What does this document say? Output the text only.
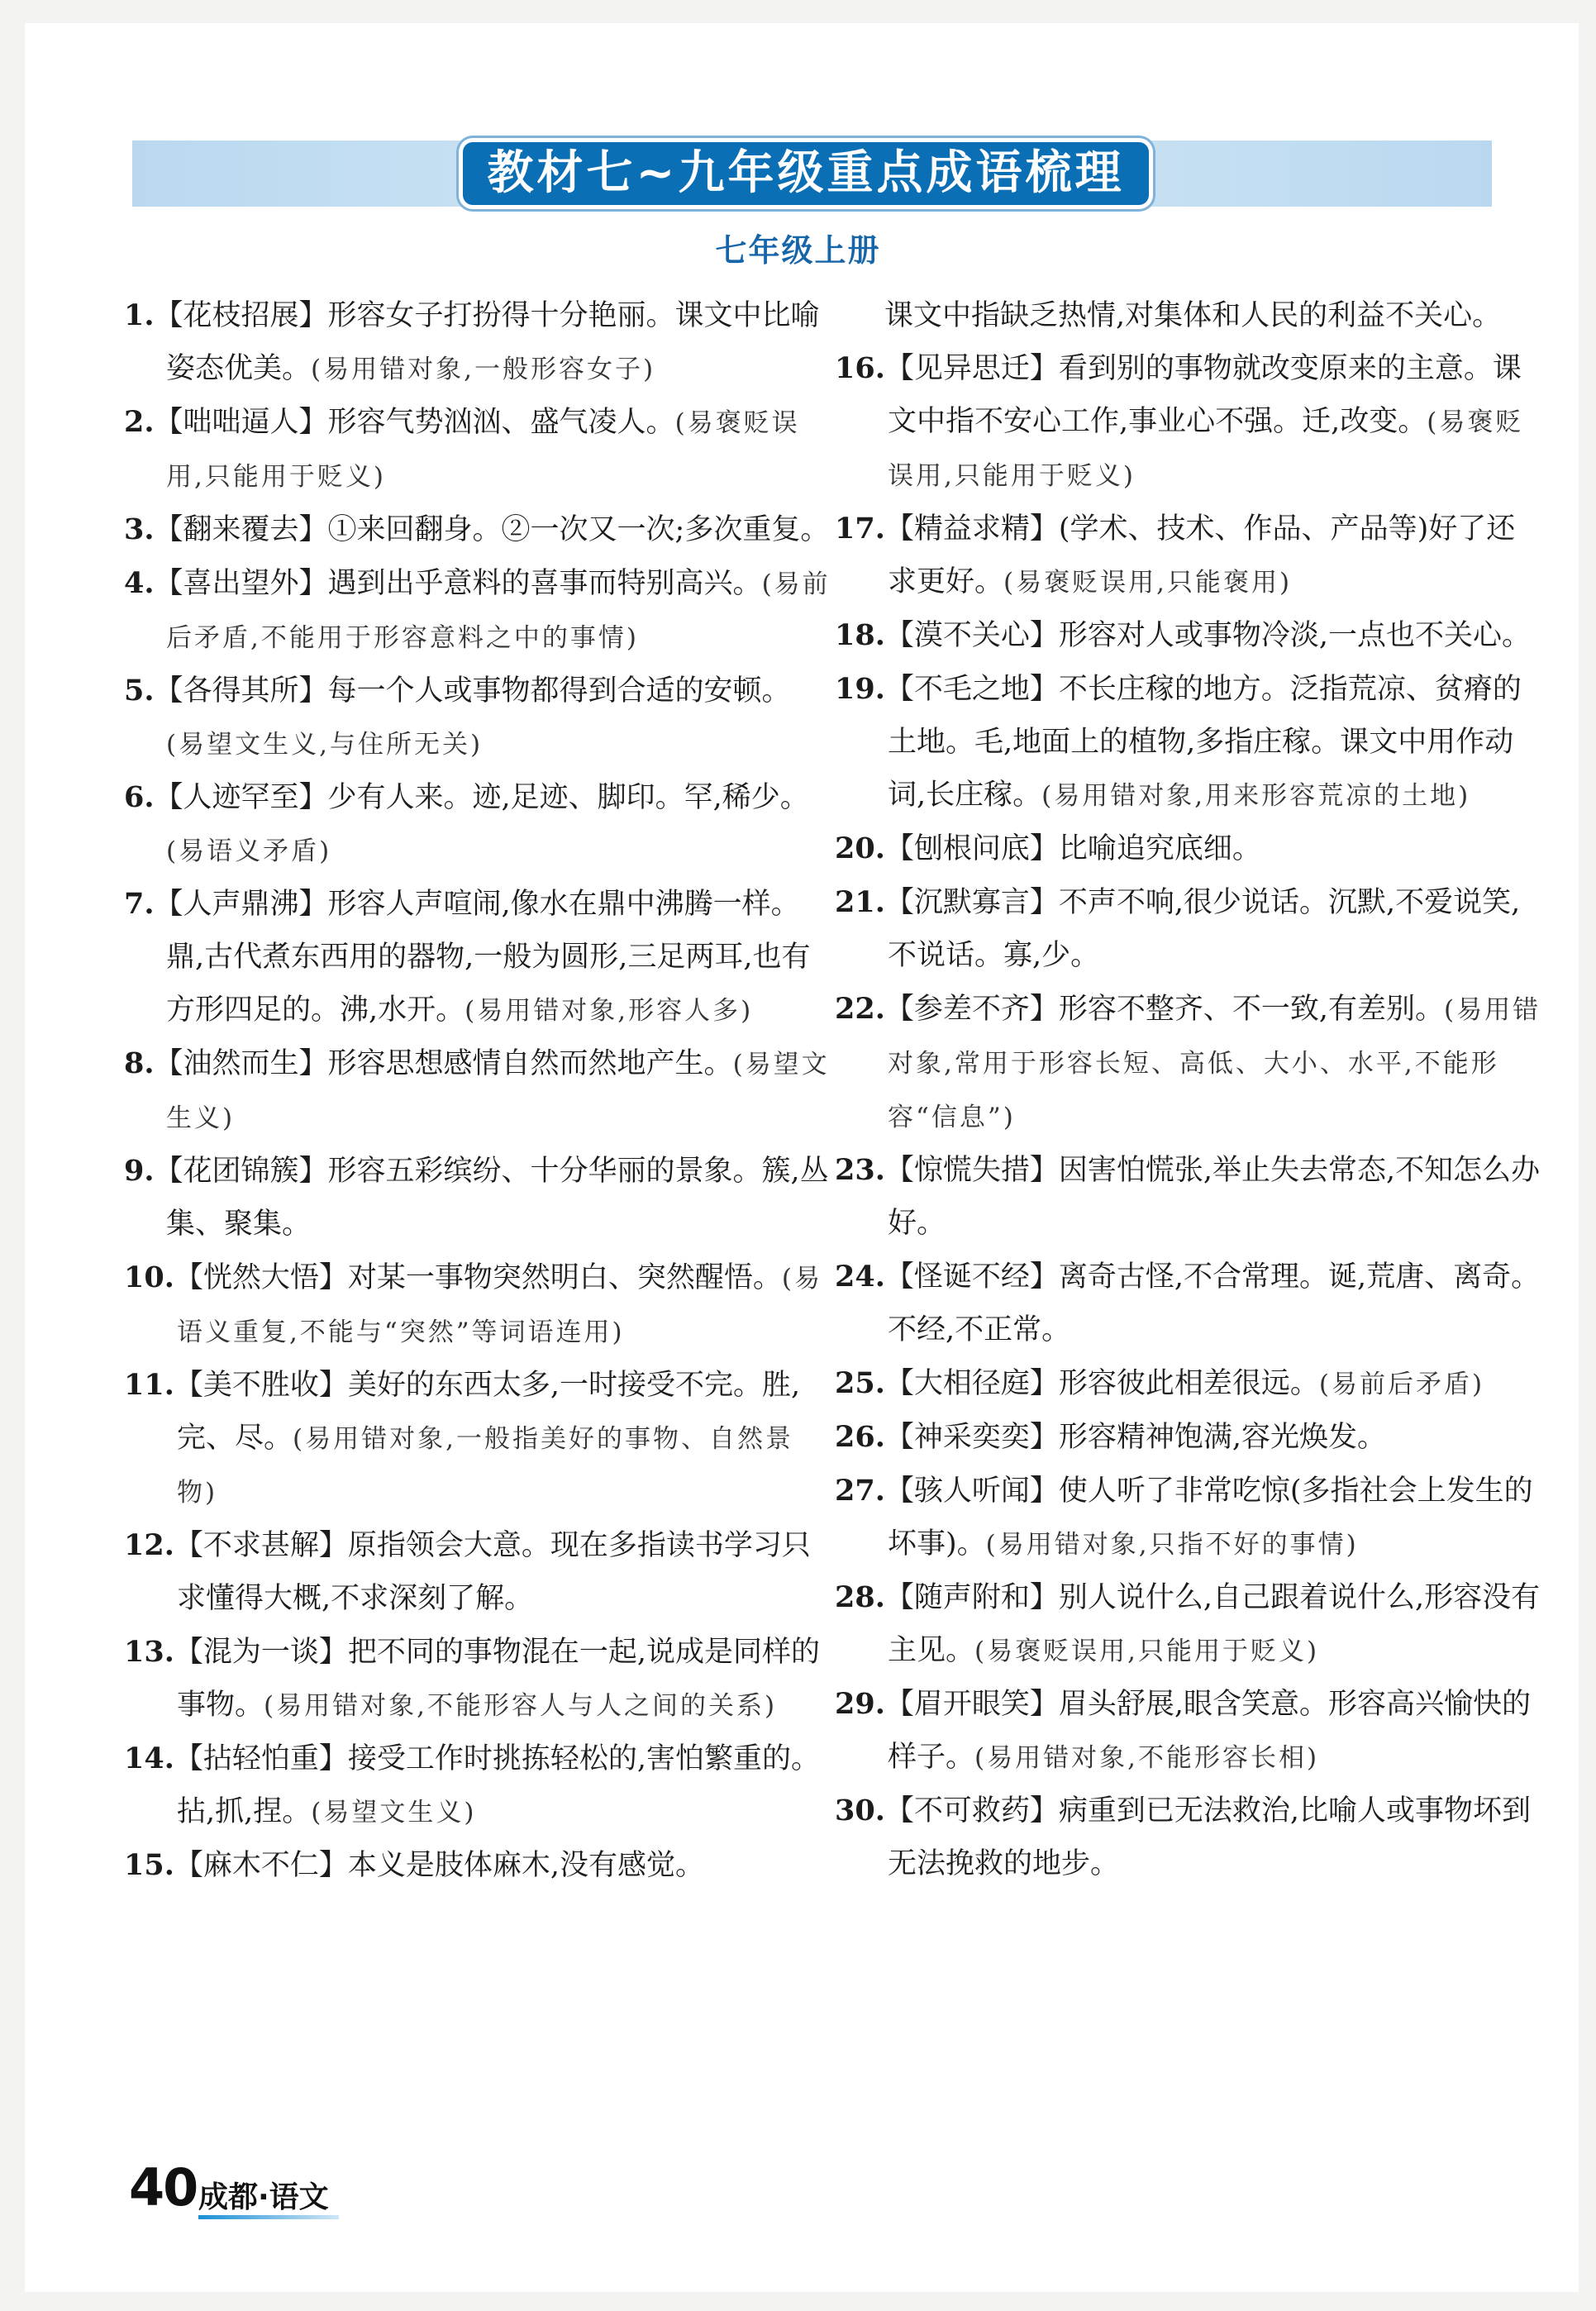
教材七~九年级重点成语梳理
七年级上册

1.【花枝招展】形容女子打扮得十分艳丽。课文中比喻姿态优美。(易用错对象,一般形容女子)

2.【咄咄逼人】形容气势汹汹、盛气凌人。(易褒贬误用,只能用于贬义)

3.【翻来覆去】①来回翻身。②一次又一次;多次重复。

4.【喜出望外】遇到出乎意料的喜事而特别高兴。(易前后矛盾,不能用于形容意料之中的事情)

5.【各得其所】每一个人或事物都得到合适的安顿。(易望文生义,与住所无关)

6.【人迹罕至】少有人来。迹,足迹、脚印。罕,稀少。(易语义矛盾)

7.【人声鼎沸】形容人声喧闹,像水在鼎中沸腾一样。鼎,古代煮东西用的器物,一般为圆形,三足两耳,也有方形四足的。沸,水开。(易用错对象,形容人多)

8.【油然而生】形容思想感情自然而然地产生。(易望文生义)

9.【花团锦簇】形容五彩缤纷、十分华丽的景象。簇,丛集、聚集。

10.【恍然大悟】对某一事物突然明白、突然醒悟。(易语义重复,不能与“突然”等词语连用)

11.【美不胜收】美好的东西太多,一时接受不完。胜,完、尽。(易用错对象,一般指美好的事物、自然景物)

12.【不求甚解】原指领会大意。现在多指读书学习只求懂得大概,不求深刻了解。

13.【混为一谈】把不同的事物混在一起,说成是同样的事物。(易用错对象,不能形容人与人之间的关系)

14.【拈轻怕重】接受工作时挑拣轻松的,害怕繁重的。拈,抓,捏。(易望文生义)

15.【麻木不仁】本义是肢体麻木,没有感觉。

课文中指缺乏热情,对集体和人民的利益不关心。

16.【见异思迁】看到别的事物就改变原来的主意。课文中指不安心工作,事业心不强。迁,改变。(易褒贬误用,只能用于贬义)

17.【精益求精】(学术、技术、作品、产品等)好了还求更好。(易褒贬误用,只能褒用)

18.【漠不关心】形容对人或事物冷淡,一点也不关心。

19.【不毛之地】不长庄稼的地方。泛指荒凉、贫瘠的土地。毛,地面上的植物,多指庄稼。课文中用作动词,长庄稼。(易用错对象,用来形容荒凉的土地)

20.【刨根问底】比喻追究底细。

21.【沉默寡言】不声不响,很少说话。沉默,不爱说笑,不说话。寡,少。

22.【参差不齐】形容不整齐、不一致,有差别。(易用错对象,常用于形容长短、高低、大小、水平,不能形容“信息”)

23.【惊慌失措】因害怕慌张,举止失去常态,不知怎么办好。

24.【怪诞不经】离奇古怪,不合常理。诞,荒唐、离奇。不经,不正常。

25.【大相径庭】形容彼此相差很远。(易前后矛盾)

26.【神采奕奕】形容精神饱满,容光焕发。

27.【骇人听闻】使人听了非常吃惊(多指社会上发生的坏事)。(易用错对象,只指不好的事情)

28.【随声附和】别人说什么,自己跟着说什么,形容没有主见。(易褒贬误用,只能用于贬义)

29.【眉开眼笑】眉头舒展,眼含笑意。形容高兴愉快的样子。(易用错对象,不能形容长相)

30.【不可救药】病重到已无法救治,比喻人或事物坏到无法挽救的地步。

40 成都·语文
